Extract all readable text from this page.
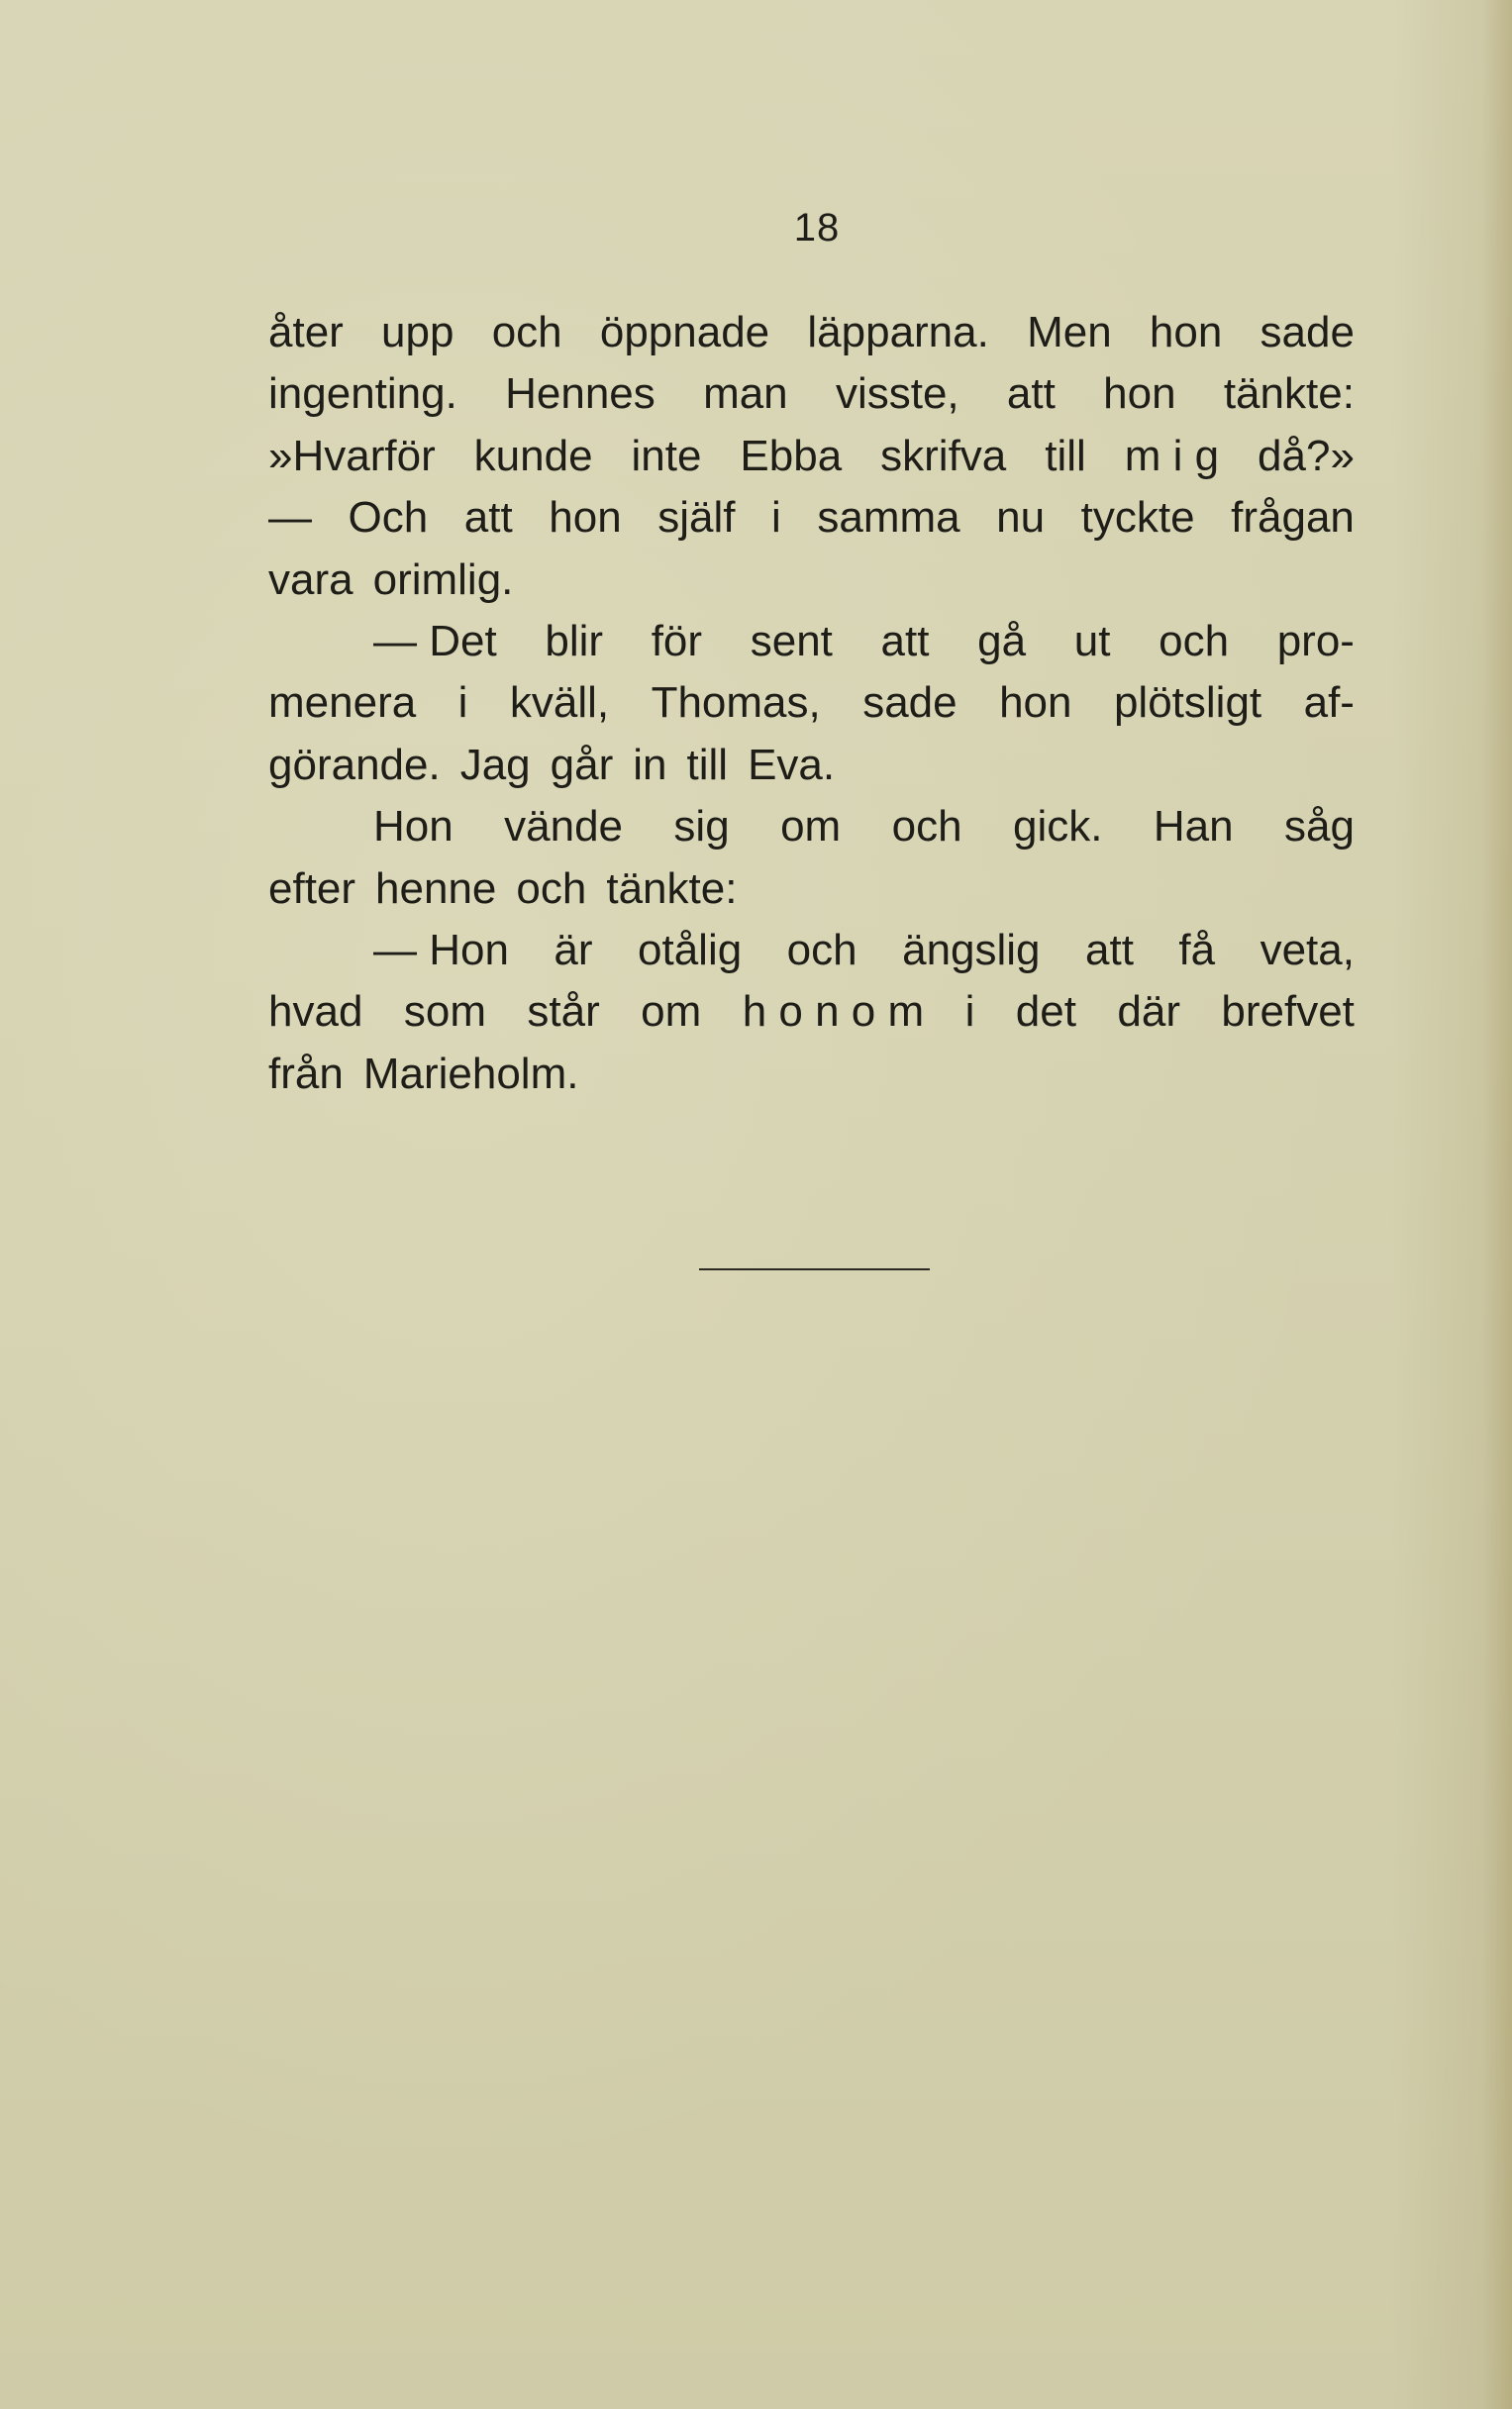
18
åter upp och öppnade läpparna. Men hon sade
ingenting. Hennes man visste, att hon tänkte:
»Hvarför kunde inte Ebba skrifva till m i g då?»
— Och att hon själf i samma nu tyckte frågan
vara orimlig.
— Det blir för sent att gå ut och pro-
menera i kväll, Thomas, sade hon plötsligt af-
görande. Jag går in till Eva.
Hon vände sig om och gick. Han såg
efter henne och tänkte:
— Hon är otålig och ängslig att få veta,
hvad som står om h o n o m i det där brefvet
från Marieholm.
